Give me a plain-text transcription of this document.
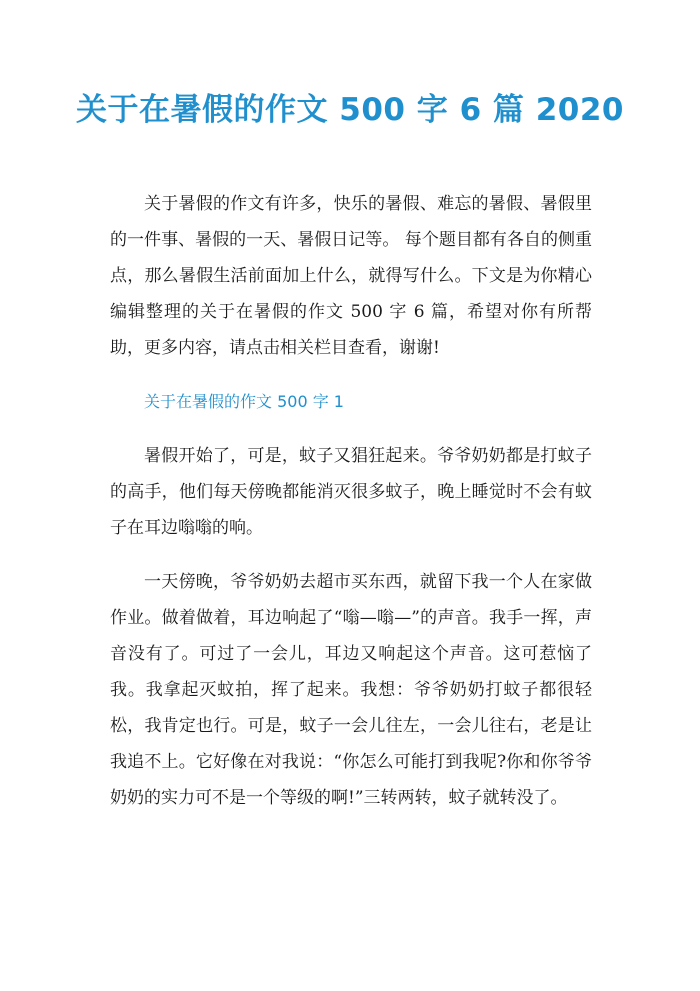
关于在暑假的作文 500 字 6 篇 2020

关于暑假的作文有许多，快乐的暑假、难忘的暑假、暑假里的一件事、暑假的一天、暑假日记等。 每个题目都有各自的侧重点，那么暑假生活前面加上什么，就得写什么。下文是为你精心编辑整理的关于在暑假的作文 500 字 6 篇，希望对你有所帮助，更多内容，请点击相关栏目查看，谢谢!

关于在暑假的作文 500 字 1

暑假开始了，可是，蚊子又猖狂起来。爷爷奶奶都是打蚊子的高手，他们每天傍晚都能消灭很多蚊子，晚上睡觉时不会有蚊子在耳边嗡嗡的响。

一天傍晚，爷爷奶奶去超市买东西，就留下我一个人在家做作业。做着做着，耳边响起了“嗡—嗡—”的声音。我手一挥，声音没有了。可过了一会儿，耳边又响起这个声音。这可惹恼了我。我拿起灭蚊拍，挥了起来。我想：爷爷奶奶打蚊子都很轻松，我肯定也行。可是，蚊子一会儿往左，一会儿往右，老是让我追不上。它好像在对我说：“你怎么可能打到我呢?你和你爷爷奶奶的实力可不是一个等级的啊!”三转两转，蚊子就转没了。
